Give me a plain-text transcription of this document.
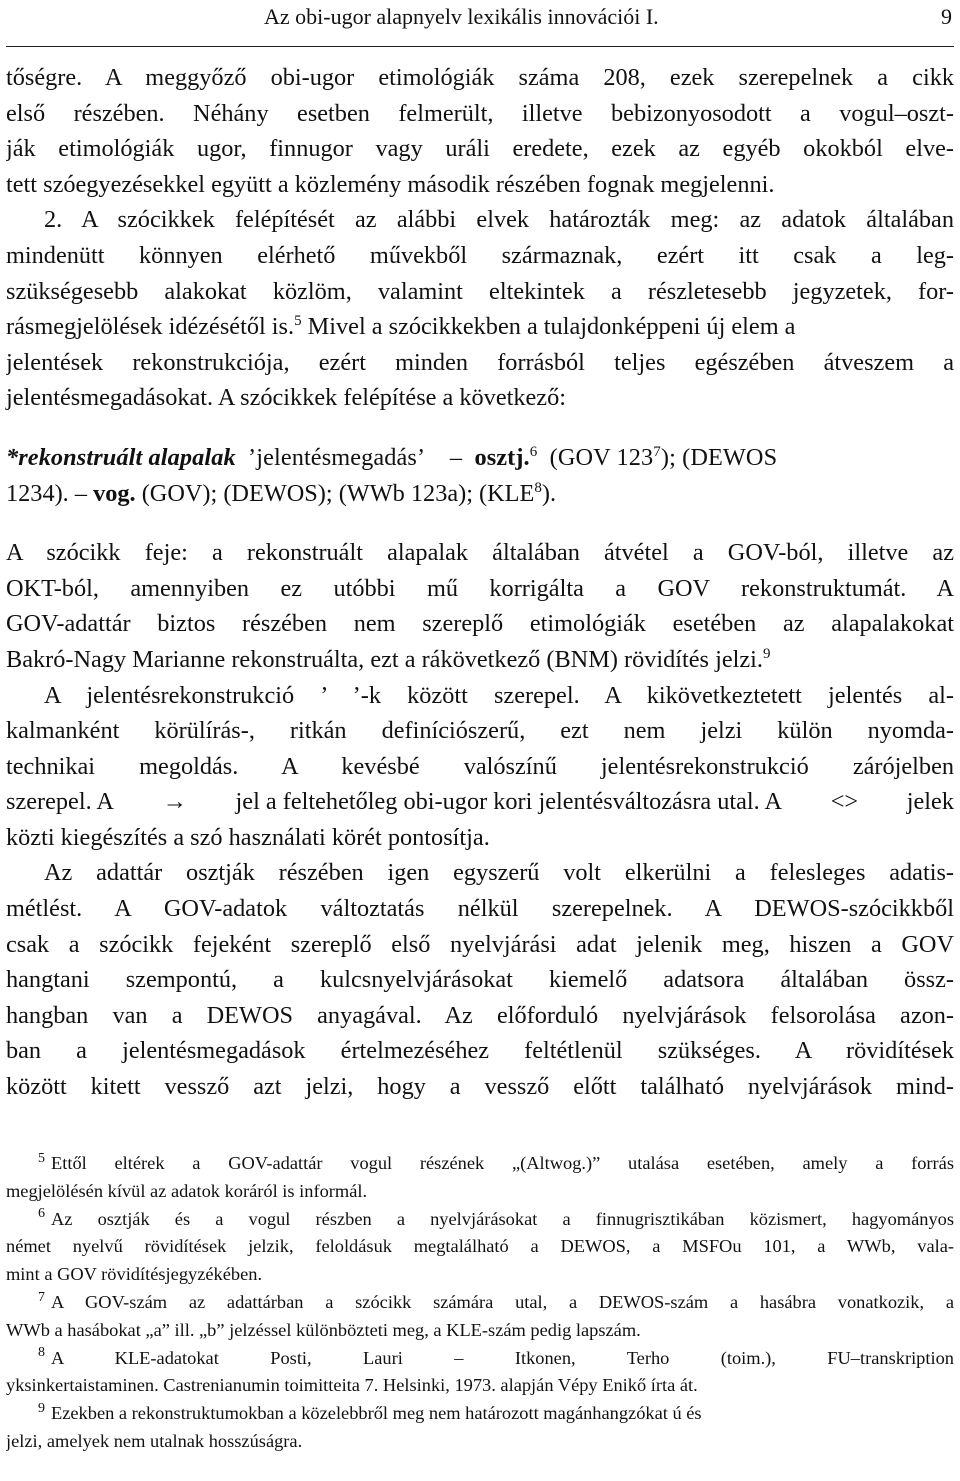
Az obi-ugor alapnyelv lexikális innovációi I.	9
tőségre. A meggyőző obi-ugor etimológiák száma 208, ezek szerepelnek a cikk
első részében. Néhány esetben felmerült, illetve bebizonyosodott a vogul–oszt-
ják etimológiák ugor, finnugor vagy uráli eredete, ezek az egyéb okokból elve-
tett szóegyezésekkel együtt a közlemény második részében fognak megjelenni.
2. A szócikkek felépítését az alábbi elvek határozták meg: az adatok általában
mindenütt könnyen elérhető művekből származnak, ezért itt csak a leg-
szükségesebb alakokat közlöm, valamint eltekintek a részletesebb jegyzetek, for-
rásmegjelölések idézésétől is.$^5$ Mivel a szócikkekben a tulajdonképpeni új elem a
jelentések rekonstrukciója, ezért minden forrásból teljes egészében átveszem a
jelentésmegadásokat. A szócikkek felépítése a következő:
*rekonstruált alapalak ’jelentésmegadás’ – osztj.$^6$ (GOV $123^7$); (DEWOS
1234). – vog. (GOV); (DEWOS); (WWb 123a); (KLE$^8$).
A szócikk feje: a rekonstruált alapalak általában átvétel a GOV-ból, illetve az
OKT-ból, amennyiben ez utóbbi mű korrigálta a GOV rekonstruktumát. A
GOV-adattár biztos részében nem szereplő etimológiák esetében az alapalakokat
Bakró-Nagy Marianne rekonstruálta, ezt a rákövetkező (BNM) rövidítés jelzi.$^9$
A jelentésrekonstrukció ’ ’-k között szerepel. A kikövetkeztetett jelentés al-
kalmanként körülírás-, ritkán definíciószerű, ezt nem jelzi külön nyomda-
technikai megoldás. A kevésbé valószínű jelentésrekonstrukció zárójelben
szerepel. A → jel a feltehetőleg obi-ugor kori jelentésváltozásra utal. A <> jelek
közti kiegészítés a szó használati körét pontosítja.
Az adattár osztják részében igen egyszerű volt elkerülni a felesleges adatis-
métlést. A GOV-adatok változtatás nélkül szerepelnek. A DEWOS-szócikkből
csak a szócikk fejeként szereplő első nyelvjárási adat jelenik meg, hiszen a GOV
hangtani szempontú, a kulcsnyelvjárásokat kiemelő adatsora általában össz-
hangban van a DEWOS anyagával. Az előforduló nyelvjárások felsorolása azon-
ban a jelentésmegadások értelmezéséhez feltétlenül szükséges. A rövidítések
között kitett vessző azt jelzi, hogy a vessző előtt található nyelvjárások mind-
$^5$ Ettől eltérek a GOV-adattár vogul részének „(Altwog.)” utalása esetében, amely a forrás
megjelölésén kívül az adatok koráról is informál.
$^6$ Az osztják és a vogul részben a nyelvjárásokat a finnugrisztikában közismert, hagyományos
német nyelvű rövidítések jelzik, feloldásuk megtalálható a DEWOS, a MSFOu 101, a WWb, vala-
mint a GOV rövidítésjegyzékében.
$^7$ A GOV-szám az adattárban a szócikk számára utal, a DEWOS-szám a hasábra vonatkozik, a
WWb a hasábokat „a” ill. „b” jelzéssel különbözteti meg, a KLE-szám pedig lapszám.
$^8$ A KLE-adatokat Posti, Lauri – Itkonen, Terho (toim.), FU–transkription
yksinkertaistaminen. Castrenianumin toimitteita 7. Helsinki, 1973. alapján Vépy Enikő írta át.
$^9$ Ezekben a rekonstruktumokban a közelebbről meg nem határozott magánhangzókat ú és
jelzi, amelyek nem utalnak hosszúságra.
